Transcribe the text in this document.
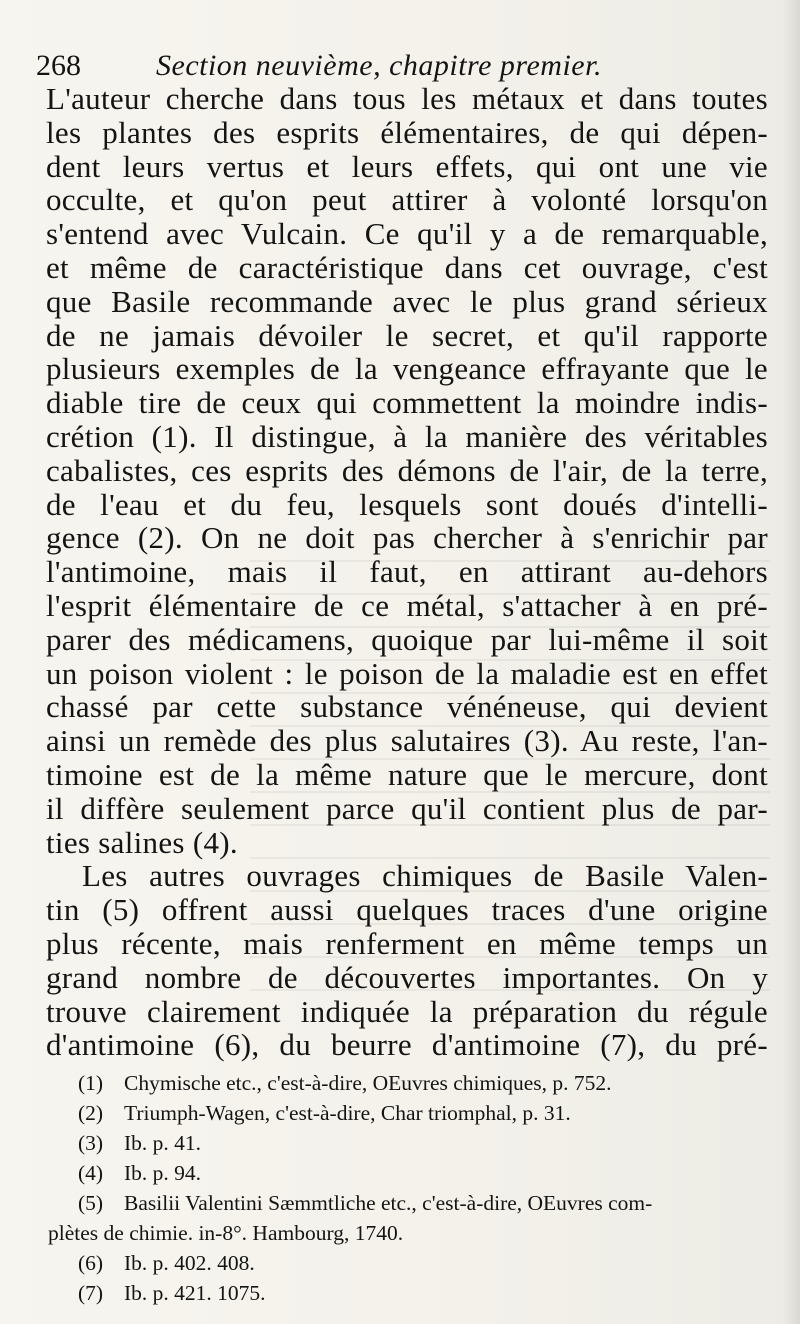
268	Section neuvième, chapitre premier.
L'auteur cherche dans tous les métaux et dans toutes
les plantes des esprits élémentaires, de qui dépen-
dent leurs vertus et leurs effets, qui ont une vie
occulte, et qu'on peut attirer à volonté lorsqu'on
s'entend avec Vulcain. Ce qu'il y a de remarquable,
et même de caractéristique dans cet ouvrage, c'est
que Basile recommande avec le plus grand sérieux
de ne jamais dévoiler le secret, et qu'il rapporte
plusieurs exemples de la vengeance effrayante que le
diable tire de ceux qui commettent la moindre indis-
crétion (1). Il distingue, à la manière des véritables
cabalistes, ces esprits des démons de l'air, de la terre,
de l'eau et du feu, lesquels sont doués d'intelli-
gence (2). On ne doit pas chercher à s'enrichir par
l'antimoine, mais il faut, en attirant au-dehors
l'esprit élémentaire de ce métal, s'attacher à en pré-
parer des médicamens, quoique par lui-même il soit
un poison violent : le poison de la maladie est en effet
chassé par cette substance vénéneuse, qui devient
ainsi un remède des plus salutaires (3). Au reste, l'an-
timoine est de la même nature que le mercure, dont
il diffère seulement parce qu'il contient plus de par-
ties salines (4).
Les autres ouvrages chimiques de Basile Valen-
tin (5) offrent aussi quelques traces d'une origine
plus récente, mais renferment en même temps un
grand nombre de découvertes importantes. On y
trouve clairement indiquée la préparation du régule
d'antimoine (6), du beurre d'antimoine (7), du pré-
(1) Chymische etc., c'est-à-dire, OEuvres chimiques, p. 752.
(2) Triumph-Wagen, c'est-à-dire, Char triomphal, p. 31.
(3) Ib. p. 41.
(4) Ib. p. 94.
(5) Basilii Valentini Sæmmtliche etc., c'est-à-dire, OEuvres com-
plètes de chimie. in-8°. Hambourg, 1740.
(6) Ib. p. 402. 408.
(7) Ib. p. 421. 1075.
